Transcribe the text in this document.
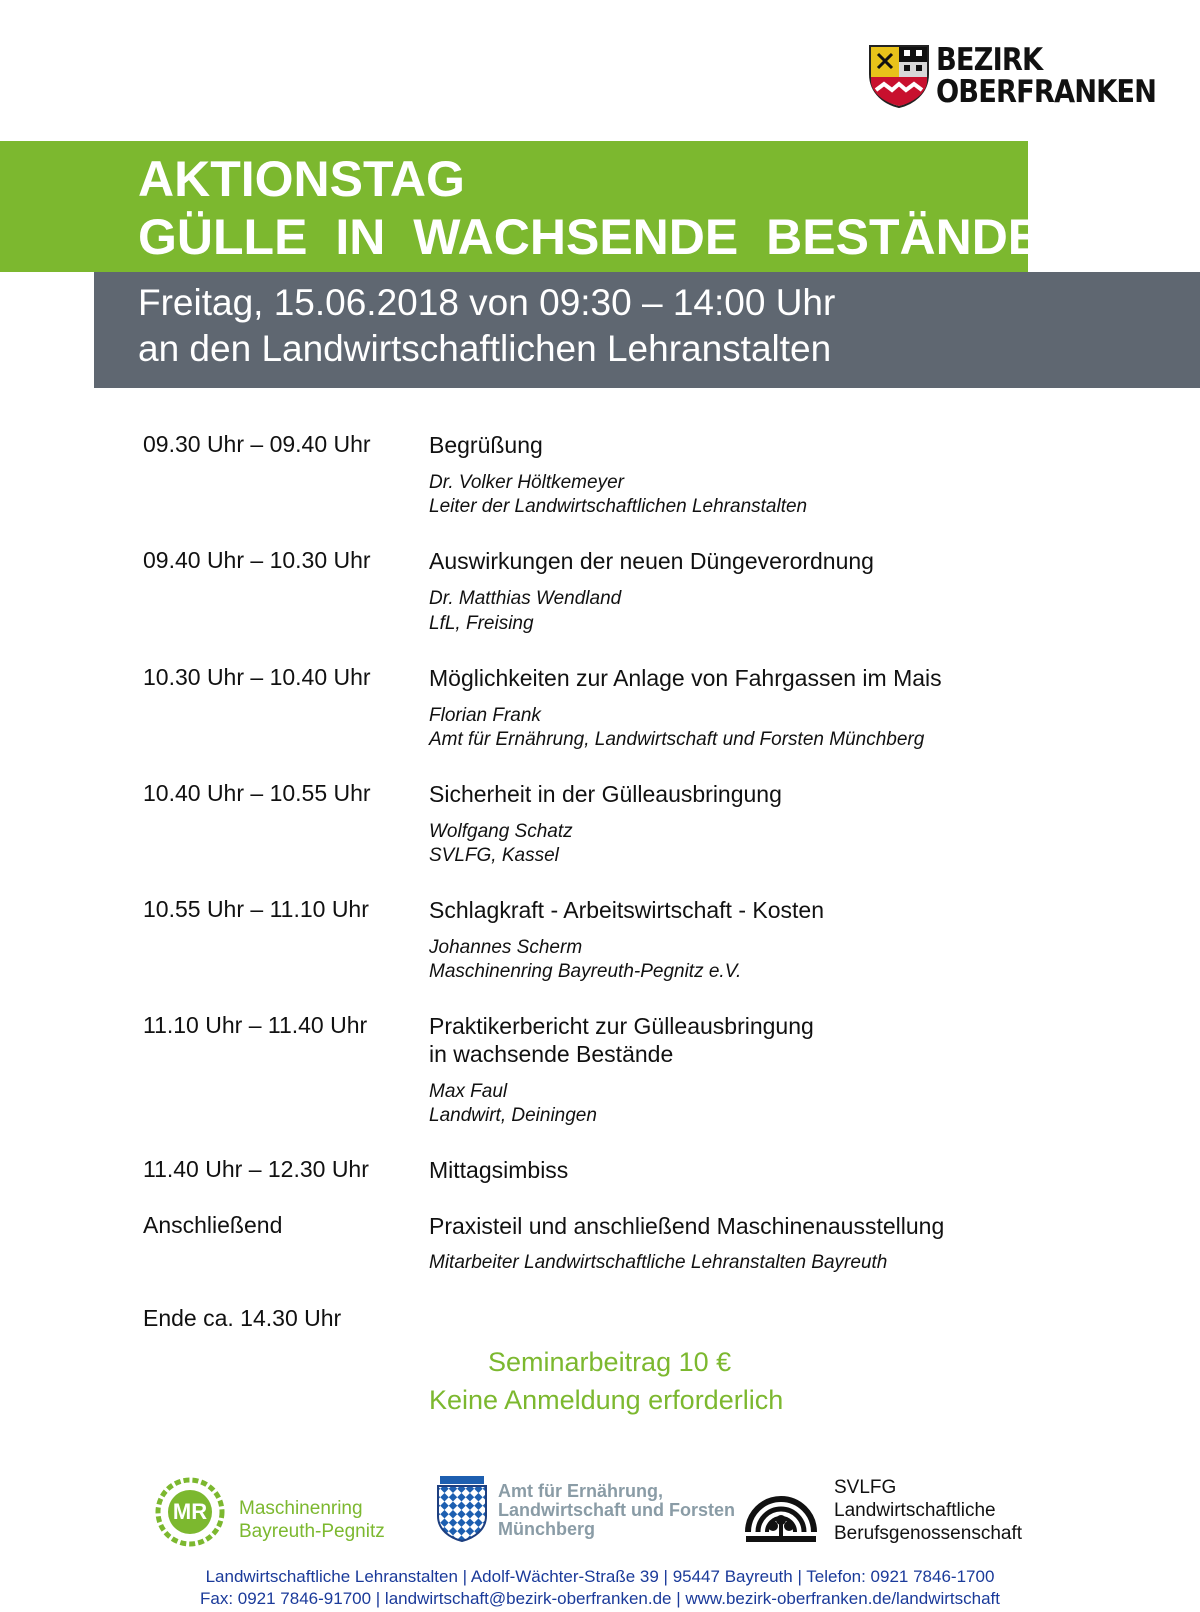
BEZIRK
OBERFRANKEN
AKTIONSTAG
GÜLLE IN WACHSENDE BESTÄNDE
Freitag, 15.06.2018 von 09:30 – 14:00 Uhr
an den Landwirtschaftlichen Lehranstalten
09.30 Uhr – 09.40 Uhr	Begrüßung
Dr. Volker Höltkemeyer
Leiter der Landwirtschaftlichen Lehranstalten
09.40 Uhr – 10.30 Uhr	Auswirkungen der neuen Düngeverordnung
Dr. Matthias Wendland
LfL, Freising
10.30 Uhr – 10.40 Uhr	Möglichkeiten zur Anlage von Fahrgassen im Mais
Florian Frank
Amt für Ernährung, Landwirtschaft und Forsten Münchberg
10.40 Uhr – 10.55 Uhr	Sicherheit in der Gülleausbringung
Wolfgang Schatz
SVLFG, Kassel
10.55 Uhr – 11.10 Uhr	Schlagkraft - Arbeitswirtschaft - Kosten
Johannes Scherm
Maschinenring Bayreuth-Pegnitz e.V.
11.10 Uhr – 11.40 Uhr	Praktikerbericht zur Gülleausbringung
in wachsende Bestände
Max Faul
Landwirt, Deiningen
11.40 Uhr – 12.30 Uhr	Mittagsimbiss
Anschließend	Praxisteil und anschließend Maschinenausstellung
Mitarbeiter Landwirtschaftliche Lehranstalten Bayreuth
Ende ca. 14.30 Uhr
Seminarbeitrag 10 €
Keine Anmeldung erforderlich
MR	Maschinenring
Bayreuth-Pegnitz
Amt für Ernährung,
Landwirtschaft und Forsten
Münchberg
SVLFG
Landwirtschaftliche
Berufsgenossenschaft
Landwirtschaftliche Lehranstalten | Adolf-Wächter-Straße 39 | 95447 Bayreuth | Telefon: 0921 7846-1700
Fax: 0921 7846-91700 | landwirtschaft@bezirk-oberfranken.de | www.bezirk-oberfranken.de/landwirtschaft
